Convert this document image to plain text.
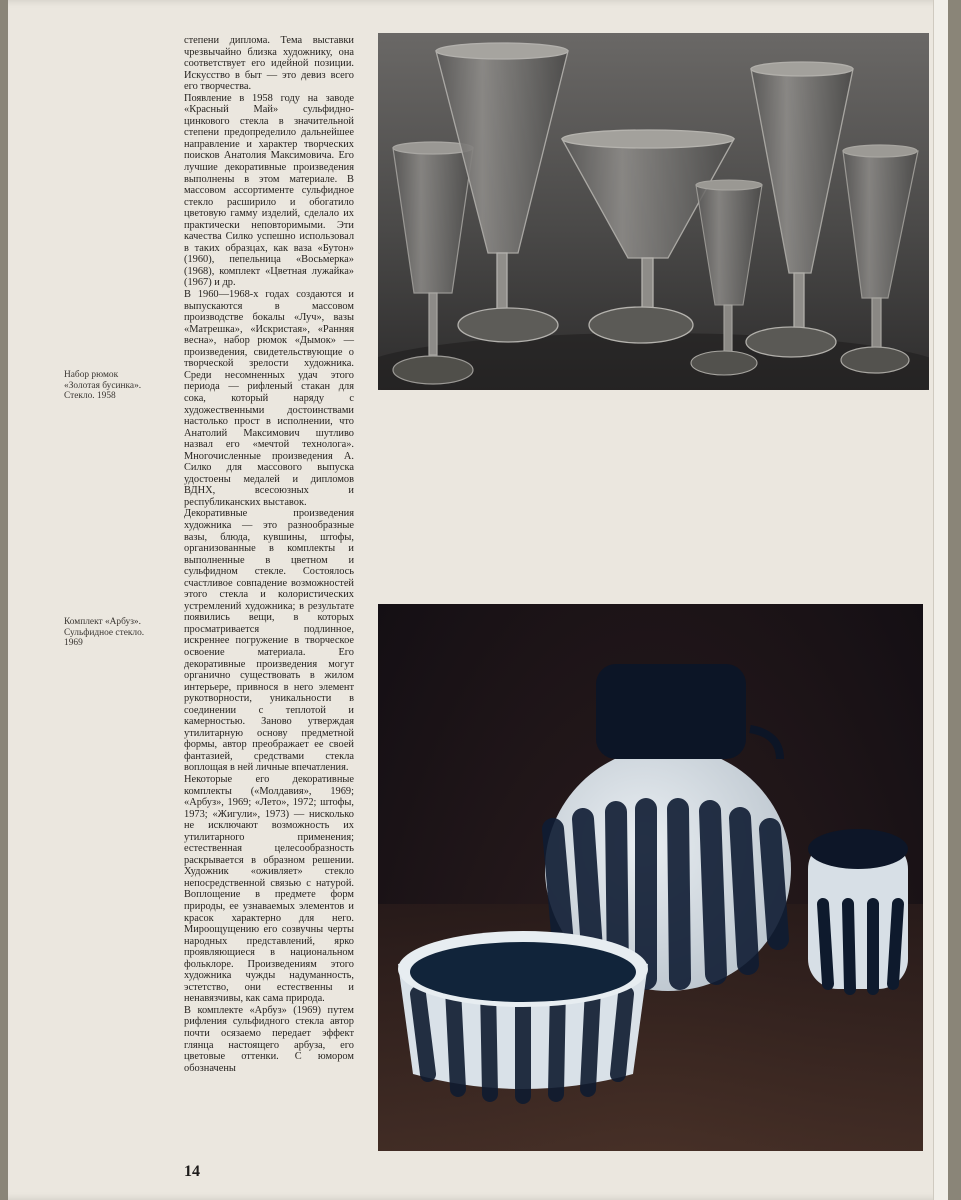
Набор рюмок
«Золотая бусинка».
Стекло. 1958
Комплект «Арбуз».
Сульфидное стекло.
1969

степени диплома. Тема выставки чрезвычайно близка художнику, она соответствует его идейной позиции. Искусство в быт — это девиз всего его творчества.

Появление в 1958 году на заводе «Красный Май» сульфидно-цинкового стекла в значительной степени предопределило дальнейшее направление и характер творческих поисков Анатолия Максимовича. Его лучшие декоративные произведения выполнены в этом материале. В массовом ассортименте сульфидное стекло расширило и обогатило цветовую гамму изделий, сделало их практически неповторимыми. Эти качества Силко успешно использовал в таких образцах, как ваза «Бутон» (1960), пепельница «Восьмерка» (1968), комплект «Цветная лужайка» (1967) и др.

В 1960—1968-х годах создаются и выпускаются в массовом производстве бокалы «Луч», вазы «Матрешка», «Искристая», «Ранняя весна», набор рюмок «Дымок» — произведения, свидетельствующие о творческой зрелости художника. Среди несомненных удач этого периода — рифленый стакан для сока, который наряду с художественными достоинствами настолько прост в исполнении, что Анатолий Максимович шутливо назвал его «мечтой технолога». Многочисленные произведения А. Силко для массового выпуска удостоены медалей и дипломов ВДНХ, всесоюзных и республиканских выставок.

Декоративные произведения художника — это разнообразные вазы, блюда, кувшины, штофы, организованные в комплекты и выполненные в цветном и сульфидном стекле. Состоялось счастливое совпадение возможностей этого стекла и колористических устремлений художника; в результате появились вещи, в которых просматривается подлинное, искреннее погружение в творческое освоение материала. Его декоративные произведения могут органично существовать в жилом интерьере, привнося в него элемент рукотворности, уникальности в соединении с теплотой и камерностью. Заново утверждая утилитарную основу предметной формы, автор преображает ее своей фантазией, средствами стекла воплощая в ней личные впечатления.

Некоторые его декоративные комплекты («Молдавия», 1969; «Арбуз», 1969; «Лето», 1972; штофы, 1973; «Жигули», 1973) — нисколько не исключают возможность их утилитарного применения; естественная целесообразность раскрывается в образном решении. Художник «оживляет» стекло непосредственной связью с натурой. Воплощение в предмете форм природы, ее узнаваемых элементов и красок характерно для него. Мироощущению его созвучны черты народных представлений, ярко проявляющиеся в национальном фольклоре. Произведениям этого художника чужды надуманность, эстетство, они естественны и ненавязчивы, как сама природа.

В комплекте «Арбуз» (1969) путем рифления сульфидного стекла автор почти осязаемо передает эффект глянца настоящего арбуза, его цветовые оттенки. С юмором обозначены

14
